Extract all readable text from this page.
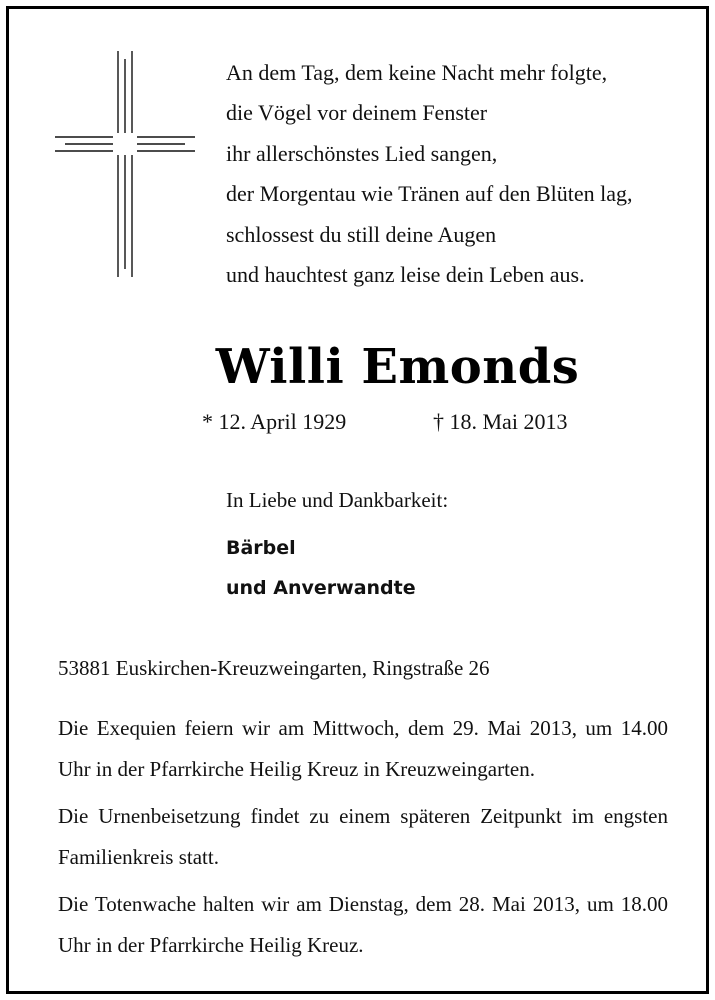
An dem Tag, dem keine Nacht mehr folgte,
die Vögel vor deinem Fenster
ihr allerschönstes Lied sangen,
der Morgentau wie Tränen auf den Blüten lag,
schlossest du still deine Augen
und hauchtest ganz leise dein Leben aus.
Willi Emonds
* 12. April 1929	† 18. Mai 2013
In Liebe und Dankbarkeit:

Bärbel

und Anverwandte

53881 Euskirchen-Kreuzweingarten, Ringstraße 26

Die Exequien feiern wir am Mittwoch, dem 29. Mai 2013, um 14.00 Uhr in der Pfarrkirche Heilig Kreuz in Kreuzweingarten.

Die Urnenbeisetzung findet zu einem späteren Zeitpunkt im engsten Familienkreis statt.

Die Totenwache halten wir am Dienstag, dem 28. Mai 2013, um 18.00 Uhr in der Pfarrkirche Heilig Kreuz.
